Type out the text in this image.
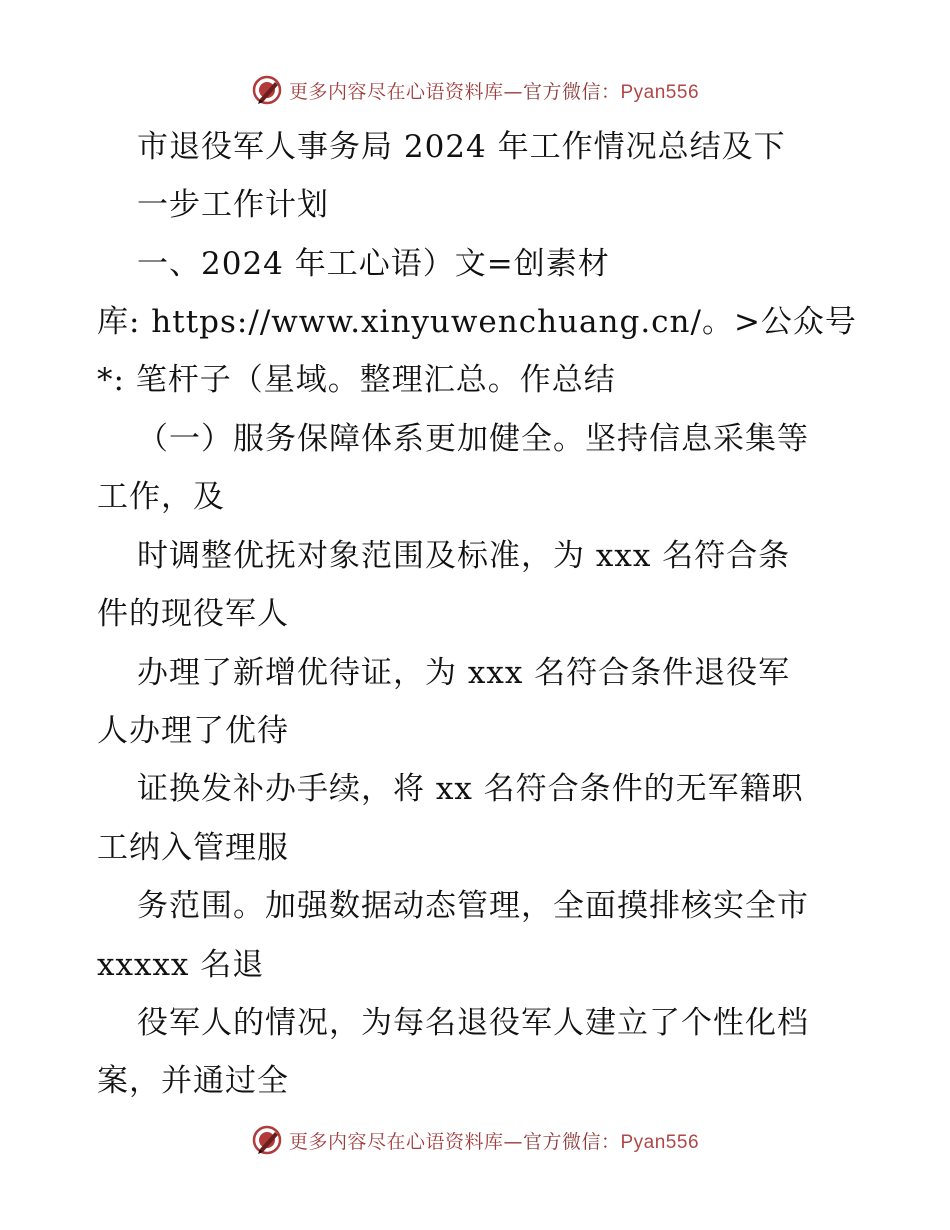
更多内容尽在心语资料库—官方微信：Pyan556
市退役军人事务局 2024 年工作情况总结及下
一步工作计划
一、2024 年工心语）文=创素材
库: https://www.xinyuwenchuang.cn/。>公众号
*: 笔杆子（星域。整理汇总。作总结
（一）服务保障体系更加健全。坚持信息采集等
工作，及
时调整优抚对象范围及标准，为 xxx 名符合条
件的现役军人
办理了新增优待证，为 xxx 名符合条件退役军
人办理了优待
证换发补办手续，将 xx 名符合条件的无军籍职
工纳入管理服
务范围。加强数据动态管理，全面摸排核实全市
xxxxx 名退
役军人的情况，为每名退役军人建立了个性化档
案，并通过全
更多内容尽在心语资料库—官方微信：Pyan556
